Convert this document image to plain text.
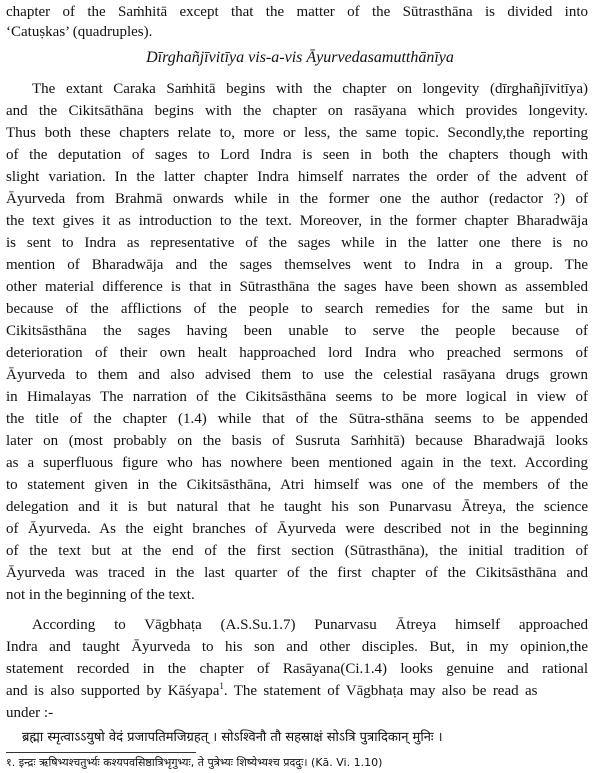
chapter of the Saṁhitā except that the matter of the Sūtrasthāna is divided into
‘Catuṣkas’ (quadruples).
Dīrghañjīvitīya vis-a-vis Āyurvedasamutthānīya
The extant Caraka Saṁhitā begins with the chapter on longevity (dīrghañjīvitīya)
and the Cikitsāthāna begins with the chapter on rasāyana which provides longevity.
Thus both these chapters relate to, more or less, the same topic. Secondly,the reporting
of the deputation of sages to Lord Indra is seen in both the chapters though with
slight variation. In the latter chapter Indra himself narrates the order of the advent of
Āyurveda from Brahmā onwards while in the former one the author (redactor ?) of
the text gives it as introduction to the text. Moreover, in the former chapter Bharadwāja
is sent to Indra as representative of the sages while in the latter one there is no
mention of Bharadwāja and the sages themselves went to Indra in a group. The
other material difference is that in Sūtrasthāna the sages have been shown as assembled
because of the afflictions of the people to search remedies for the same but in
Cikitsāsthāna the sages having been unable to serve the people because of
deterioration of their own healt happroached lord Indra who preached sermons of
Āyurveda to them and also advised them to use the celestial rasāyana drugs grown
in Himalayas The narration of the Cikitsāsthāna seems to be more logical in view of
the title of the chapter (1.4) while that of the Sūtra-sthāna seems to be appended
later on (most probably on the basis of Susruta Saṁhitā) because Bharadwajā looks
as a superfluous figure who has nowhere been mentioned again in the text. According
to statement given in the Cikitsāsthāna, Atri himself was one of the members of the
delegation and it is but natural that he taught his son Punarvasu Ātreya, the science
of Āyurveda. As the eight branches of Āyurveda were described not in the beginning
of the text but at the end of the first section (Sūtrasthāna), the initial tradition of
Āyurveda was traced in the last quarter of the first chapter of the Cikitsāsthāna and
not in the beginning of the text.
According to Vāgbhaṭa (A.S.Su.1.7) Punarvasu Ātreya himself approached
Indra and taught Āyurveda to his son and other disciples. But, in my opinion,the
statement recorded in the chapter of Rasāyana(Ci.1.4) looks genuine and rational
and is also supported by Kāśyapa$^1$. The statement of Vāgbhaṭa may also be read as
under :-
ब्रह्मा स्मृत्वाऽऽयुषो वेदं प्रजापतिमजिग्रहत् । सोऽश्विनौ तौ सहस्राक्षं सोऽत्रि पुत्रादिकान् मुनिः ।
१. इन्द्रः ऋषिभ्यश्चतुर्भ्यः कश्यपवसिष्ठात्रिभृगुभ्यः, ते पुत्रेभ्यः शिष्येभ्यश्च प्रददुः। (Kā. Vi. 1.10)
